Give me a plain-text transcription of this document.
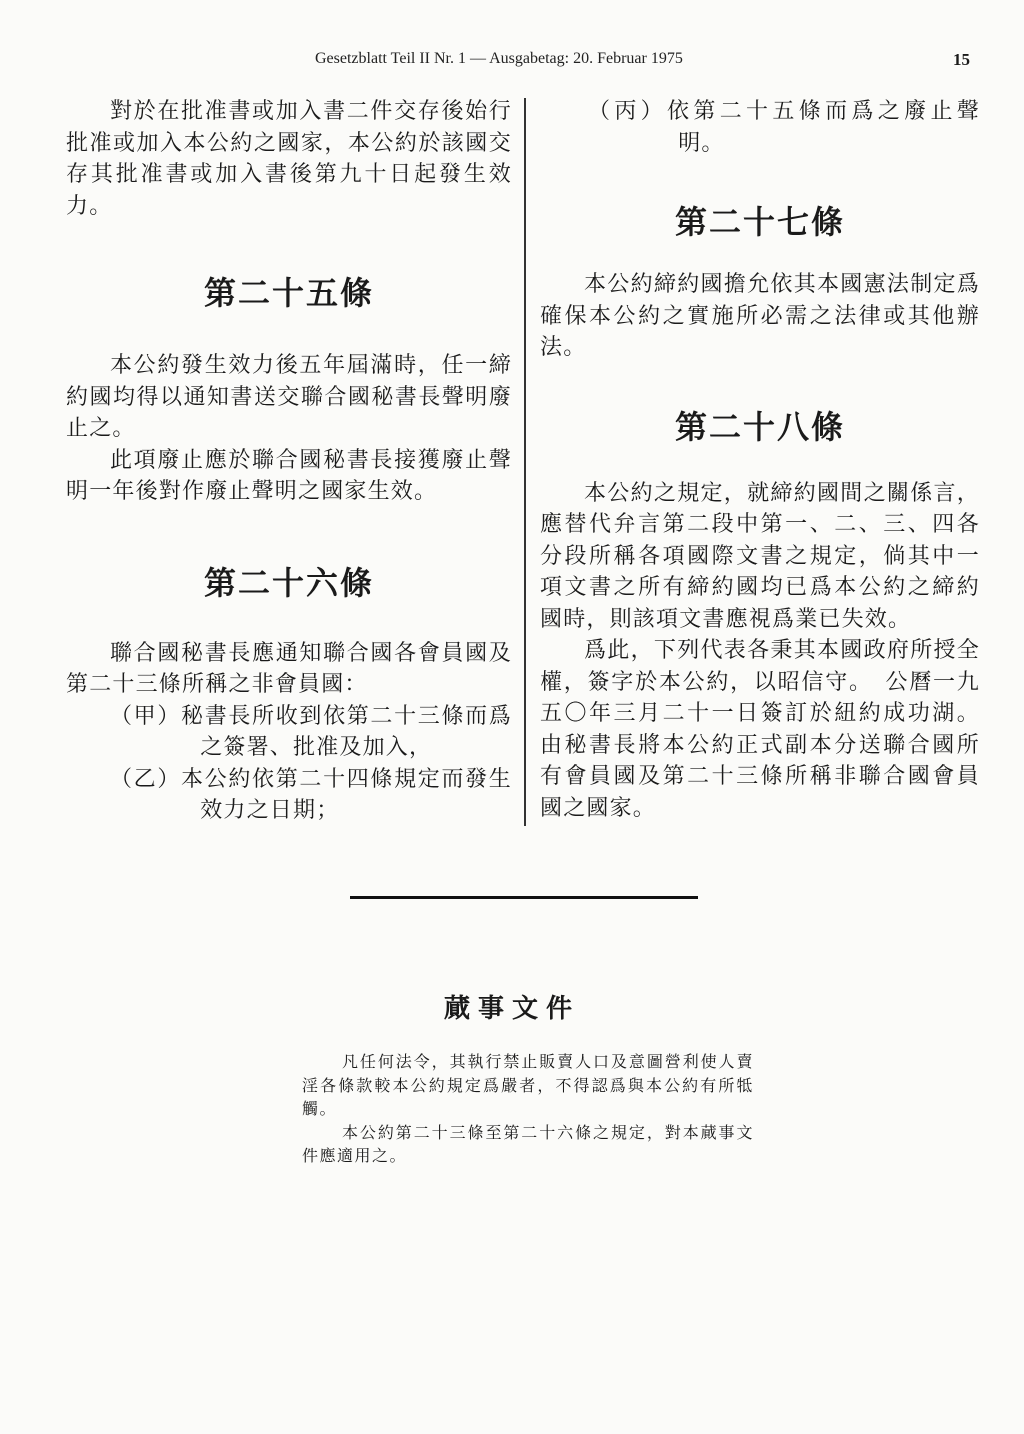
Gesetzblatt Teil II Nr. 1 — Ausgabetag: 20. Februar 1975	15

對於在批准書或加入書二件交存後始行批准或加入本公約之國家，本公約於該國交存其批准書或加入書後第九十日起發生效力。

第二十五條

本公約發生效力後五年屆滿時，任一締約國均得以通知書送交聯合國秘書長聲明廢止之。

此項廢止應於聯合國秘書長接獲廢止聲明一年後對作廢止聲明之國家生效。

第二十六條

聯合國秘書長應通知聯合國各會員國及第二十三條所稱之非會員國：

（甲）秘書長所收到依第二十三條而爲之簽署、批准及加入，

（乙）本公約依第二十四條規定而發生效力之日期；

（丙）依第二十五條而爲之廢止聲明。

第二十七條

本公約締約國擔允依其本國憲法制定爲確保本公約之實施所必需之法律或其他辦法。

第二十八條

本公約之規定，就締約國間之關係言，應替代弁言第二段中第一、二、三、四各分段所稱各項國際文書之規定，倘其中一項文書之所有締約國均已爲本公約之締約國時，則該項文書應視爲業已失效。

爲此，下列代表各秉其本國政府所授全權，簽字於本公約，以昭信守。　公曆一九五〇年三月二十一日簽訂於紐約成功湖。由秘書長將本公約正式副本分送聯合國所有會員國及第二十三條所稱非聯合國會員國之國家。

蕆事文件

凡任何法令，其執行禁止販賣人口及意圖營利使人賣淫各條款較本公約規定爲嚴者，不得認爲與本公約有所牴觸。

本公約第二十三條至第二十六條之規定，對本蕆事文件應適用之。
